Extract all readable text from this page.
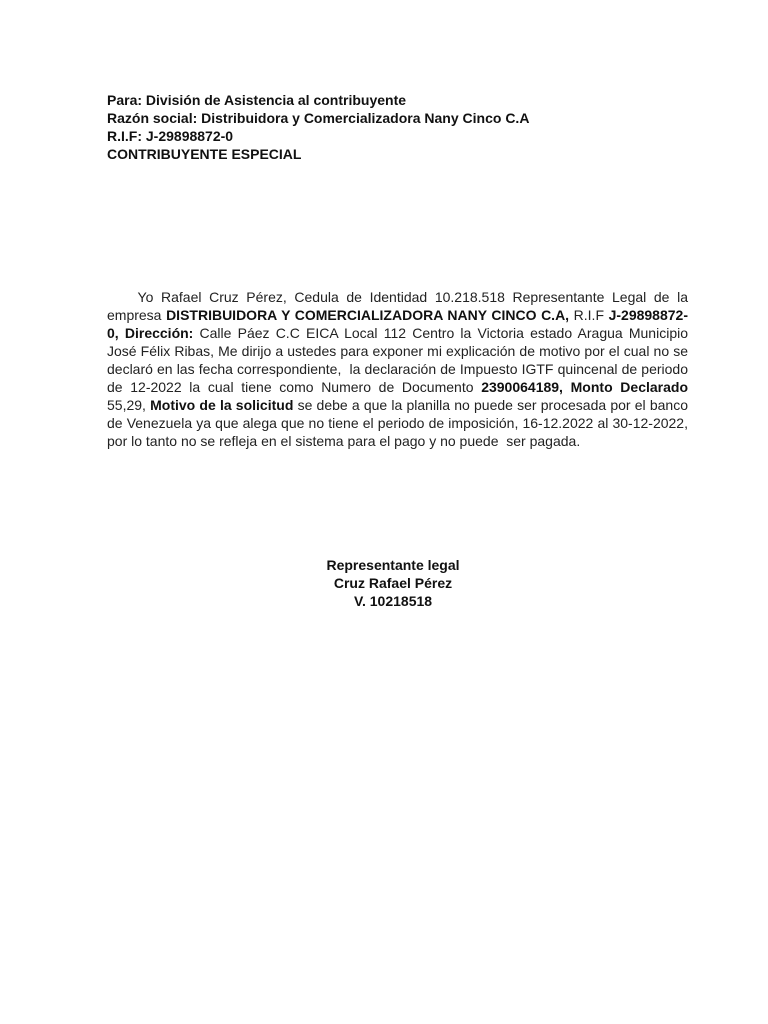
Para: División de Asistencia al contribuyente
Razón social: Distribuidora y Comercializadora Nany Cinco C.A
R.I.F: J-29898872-0
CONTRIBUYENTE ESPECIAL

Yo Rafael Cruz Pérez, Cedula de Identidad 10.218.518 Representante Legal de la empresa DISTRIBUIDORA Y COMERCIALIZADORA NANY CINCO C.A, R.I.F J-29898872-0, Dirección: Calle Páez C.C EICA Local 112 Centro la Victoria estado Aragua Municipio José Félix Ribas, Me dirijo a ustedes para exponer mi explicación de motivo por el cual no se declaró en las fecha correspondiente,  la declaración de Impuesto IGTF quincenal de periodo de 12-2022 la cual tiene como Numero de Documento 2390064189, Monto Declarado 55,29, Motivo de la solicitud se debe a que la planilla no puede ser procesada por el banco de Venezuela ya que alega que no tiene el periodo de imposición, 16-12.2022 al 30-12-2022, por lo tanto no se refleja en el sistema para el pago y no puede  ser pagada.

Representante legal
Cruz Rafael Pérez
V. 10218518
